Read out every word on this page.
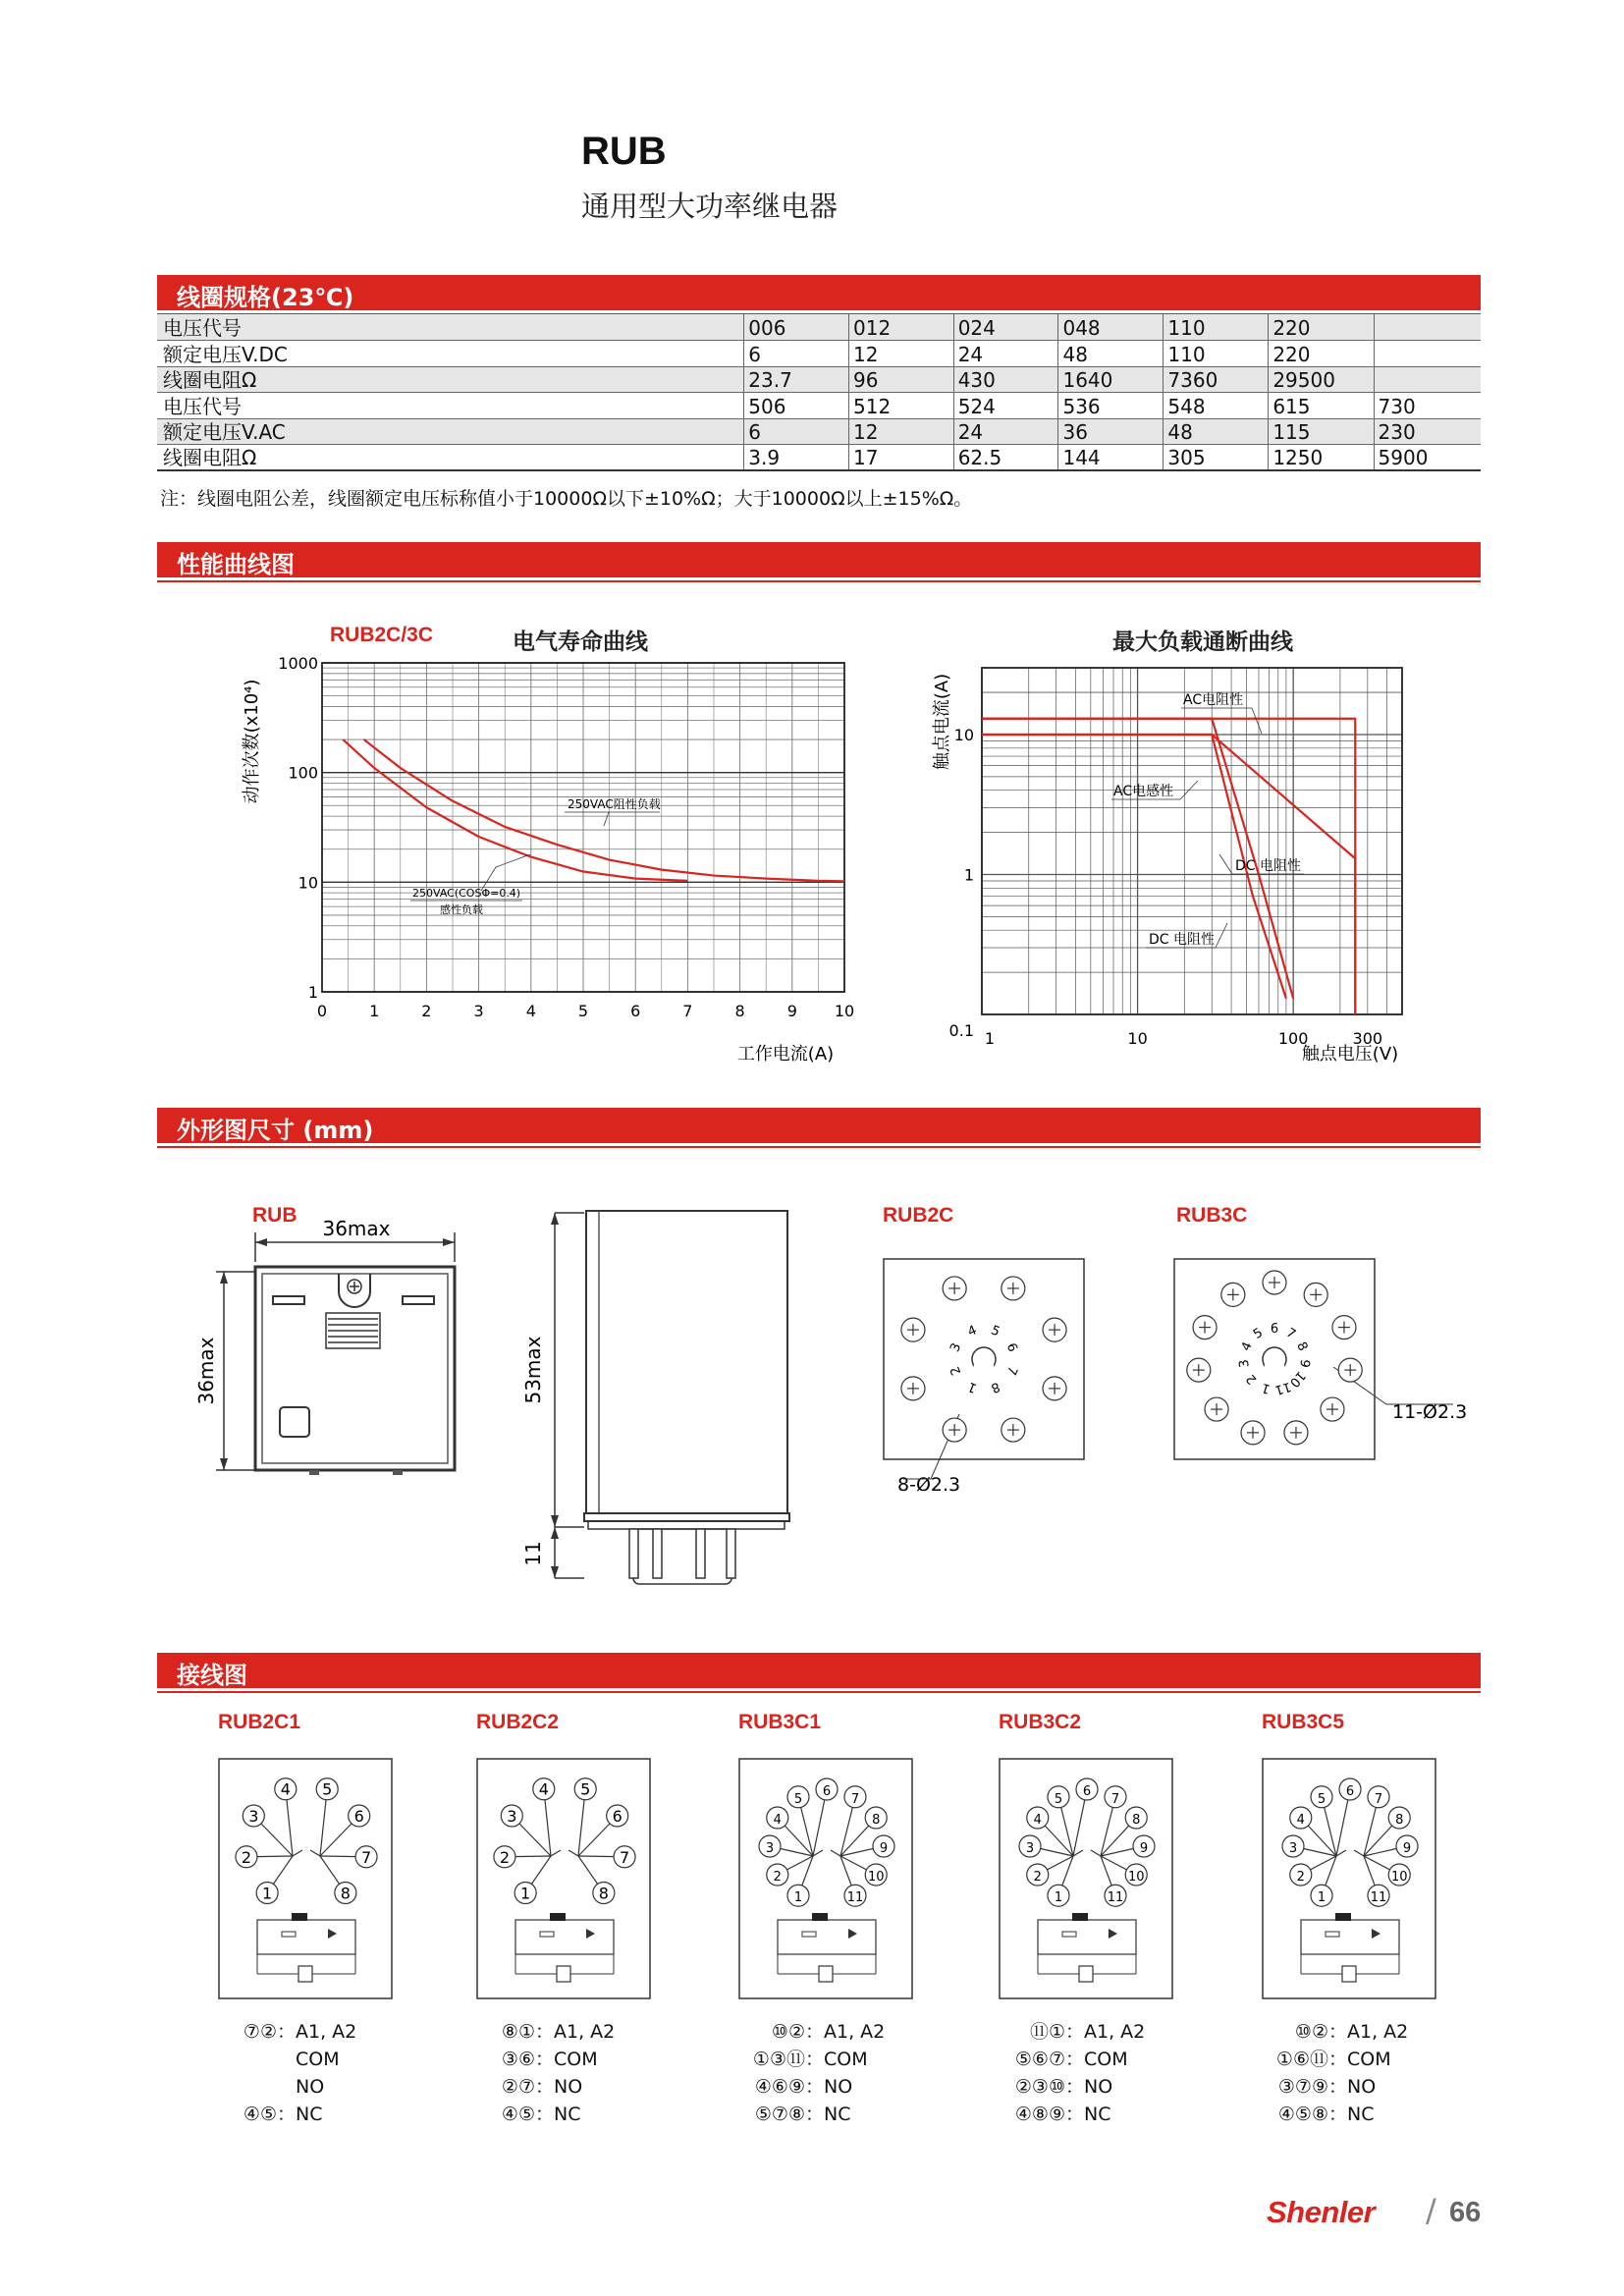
RUB
通用型大功率继电器
线圈规格(23℃)
电压代号	006	012	024	048	110	220	
额定电压V.DC	6	12	24	48	110	220	
线圈电阻Ω	23.7	96	430	1640	7360	29500	
电压代号	506	512	524	536	548	615	730
额定电压V.AC	6	12	24	36	48	115	230
线圈电阻Ω	3.9	17	62.5	144	305	1250	5900
注：线圈电阻公差，线圈额定电压标称值小于10000Ω以下±10%Ω；大于10000Ω以上±15%Ω。
性能曲线图
RUB2C/3C	电气寿命曲线
0	1	2	3	4	5	6	7	8	9 10
1000
100
10
1
工作电流(A)
动作次数(x10⁴)
250VAC阻性负载
250VAC(COSΦ=0.4)
感性负载
最大负载通断曲线
1	10	100	300
10
1
0.1
触点电压(V)
触点电流(A)	AC电阻性
AC电感性
DC 电阻性
DC 电阻性
外形图尺寸 (mm)
RUB	RUB2C	RUB3C
36max
36max	53max
11
8-Ø2.3
1
2
3
4 5
6
7
8
11-Ø2.3
1
2
3
4
5 6 7
8
9
10
11
接线图
RUB2C1
1
2
3
4 5
6
7
8
⑦②：A1, A2
COM
NO
④⑤：NC
RUB2C2
1
2
3
4 5
6
7
8
⑧①：A1, A2
③⑥：COM
②⑦：NO
④⑤：NC
RUB3C1
1
2
3
4
5
6
7
8
9
10
11
⑩②：A1, A2
①③⑪：COM
④⑥⑨：NO
⑤⑦⑧：NC
RUB3C2
1
2
3
4
5
6
7
8
9
10
11
⑪①：A1, A2
⑤⑥⑦：COM
②③⑩：NO
④⑧⑨：NC
RUB3C5
1
2
3
4
5
6
7
8
9
10
11
⑩②：A1, A2
①⑥⑪：COM
③⑦⑨：NO
④⑤⑧：NC
Shenler / 66
